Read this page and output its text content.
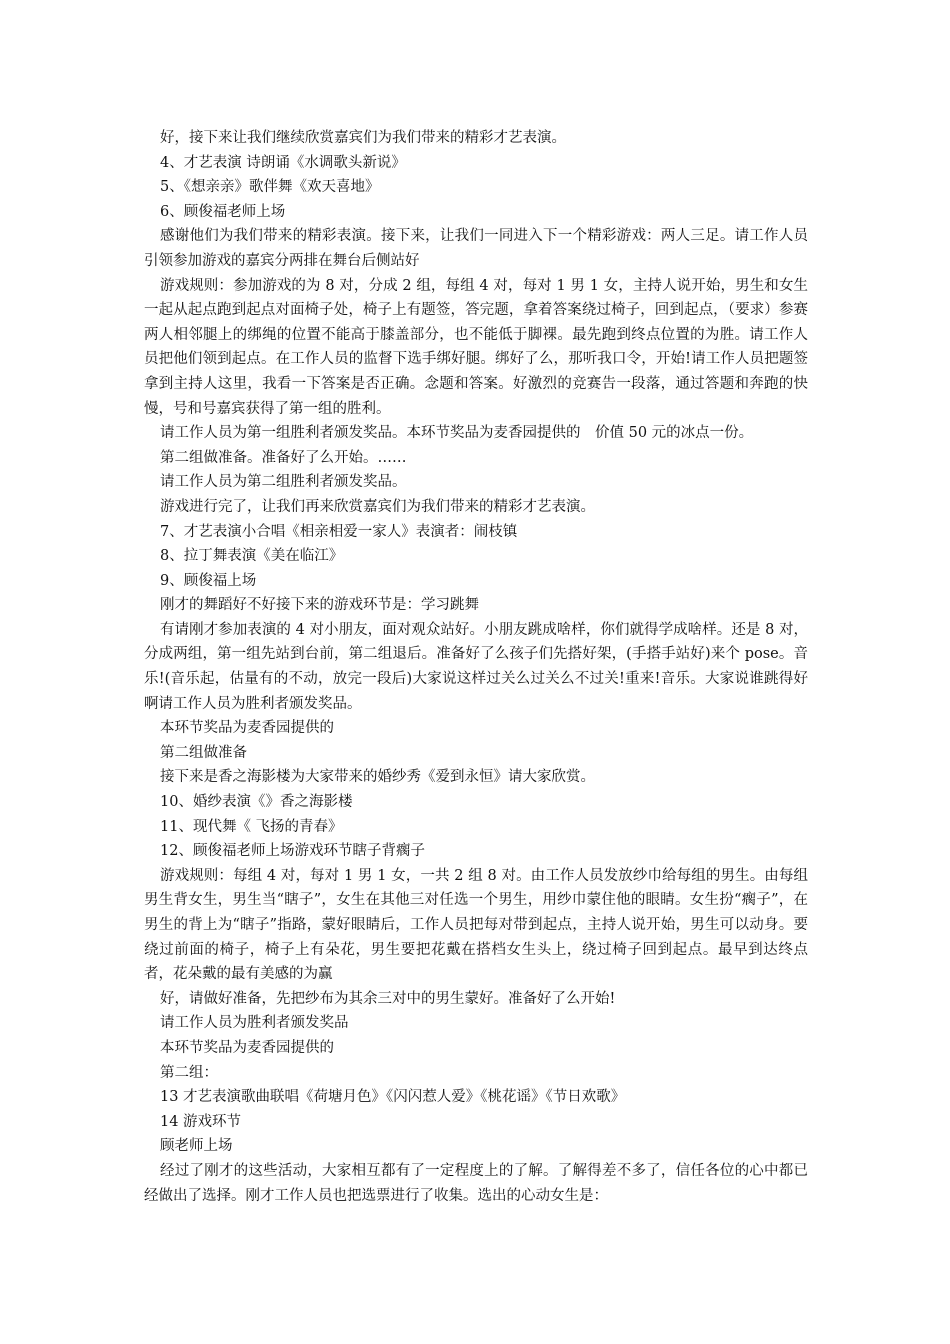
好，接下来让我们继续欣赏嘉宾们为我们带来的精彩才艺表演。

4、才艺表演 诗朗诵《水调歌头新说》

5、《想亲亲》歌伴舞《欢天喜地》

6、顾俊福老师上场

感谢他们为我们带来的精彩表演。接下来，让我们一同进入下一个精彩游戏：两人三足。请工作人员引领参加游戏的嘉宾分两排在舞台后侧站好

游戏规则：参加游戏的为 8 对，分成 2 组，每组 4 对，每对 1 男 1 女，主持人说开始，男生和女生一起从起点跑到起点对面椅子处，椅子上有题签，答完题，拿着答案绕过椅子，回到起点，（要求）参赛两人相邻腿上的绑绳的位置不能高于膝盖部分，也不能低于脚裸。最先跑到终点位置的为胜。请工作人员把他们领到起点。在工作人员的监督下选手绑好腿。绑好了么，那听我口令，开始!请工作人员把题签拿到主持人这里，我看一下答案是否正确。念题和答案。好激烈的竞赛告一段落，通过答题和奔跑的快慢，号和号嘉宾获得了第一组的胜利。

请工作人员为第一组胜利者颁发奖品。本环节奖品为麦香园提供的　价值 50 元的冰点一份。

第二组做准备。准备好了么开始。……

请工作人员为第二组胜利者颁发奖品。

游戏进行完了，让我们再来欣赏嘉宾们为我们带来的精彩才艺表演。

7、才艺表演小合唱《相亲相爱一家人》表演者：闹枝镇

8、拉丁舞表演《美在临江》

9、顾俊福上场

刚才的舞蹈好不好接下来的游戏环节是：学习跳舞

有请刚才参加表演的 4 对小朋友，面对观众站好。小朋友跳成啥样，你们就得学成啥样。还是 8 对，分成两组，第一组先站到台前，第二组退后。准备好了么孩子们先搭好架，(手搭手站好)来个 pose。音乐!(音乐起，估量有的不动，放完一段后)大家说这样过关么过关么不过关!重来!音乐。大家说谁跳得好啊请工作人员为胜利者颁发奖品。

本环节奖品为麦香园提供的

第二组做准备

接下来是香之海影楼为大家带来的婚纱秀《爱到永恒》请大家欣赏。

10、婚纱表演《》香之海影楼

11、现代舞《 飞扬的青春》

12、顾俊福老师上场游戏环节瞎子背瘸子

游戏规则：每组 4 对，每对 1 男 1 女，一共 2 组 8 对。由工作人员发放纱巾给每组的男生。由每组男生背女生，男生当“瞎子”，女生在其他三对任选一个男生，用纱巾蒙住他的眼睛。女生扮“瘸子”，在男生的背上为“瞎子”指路，蒙好眼睛后，工作人员把每对带到起点，主持人说开始，男生可以动身。要绕过前面的椅子，椅子上有朵花，男生要把花戴在搭档女生头上，绕过椅子回到起点。最早到达终点者，花朵戴的最有美感的为赢

好，请做好准备，先把纱布为其余三对中的男生蒙好。准备好了么开始!

请工作人员为胜利者颁发奖品

本环节奖品为麦香园提供的

第二组：

13 才艺表演歌曲联唱《荷塘月色》《闪闪惹人爱》《桃花谣》《节日欢歌》

14 游戏环节

顾老师上场

经过了刚才的这些活动，大家相互都有了一定程度上的了解。了解得差不多了，信任各位的心中都已经做出了选择。刚才工作人员也把选票进行了收集。选出的心动女生是：
